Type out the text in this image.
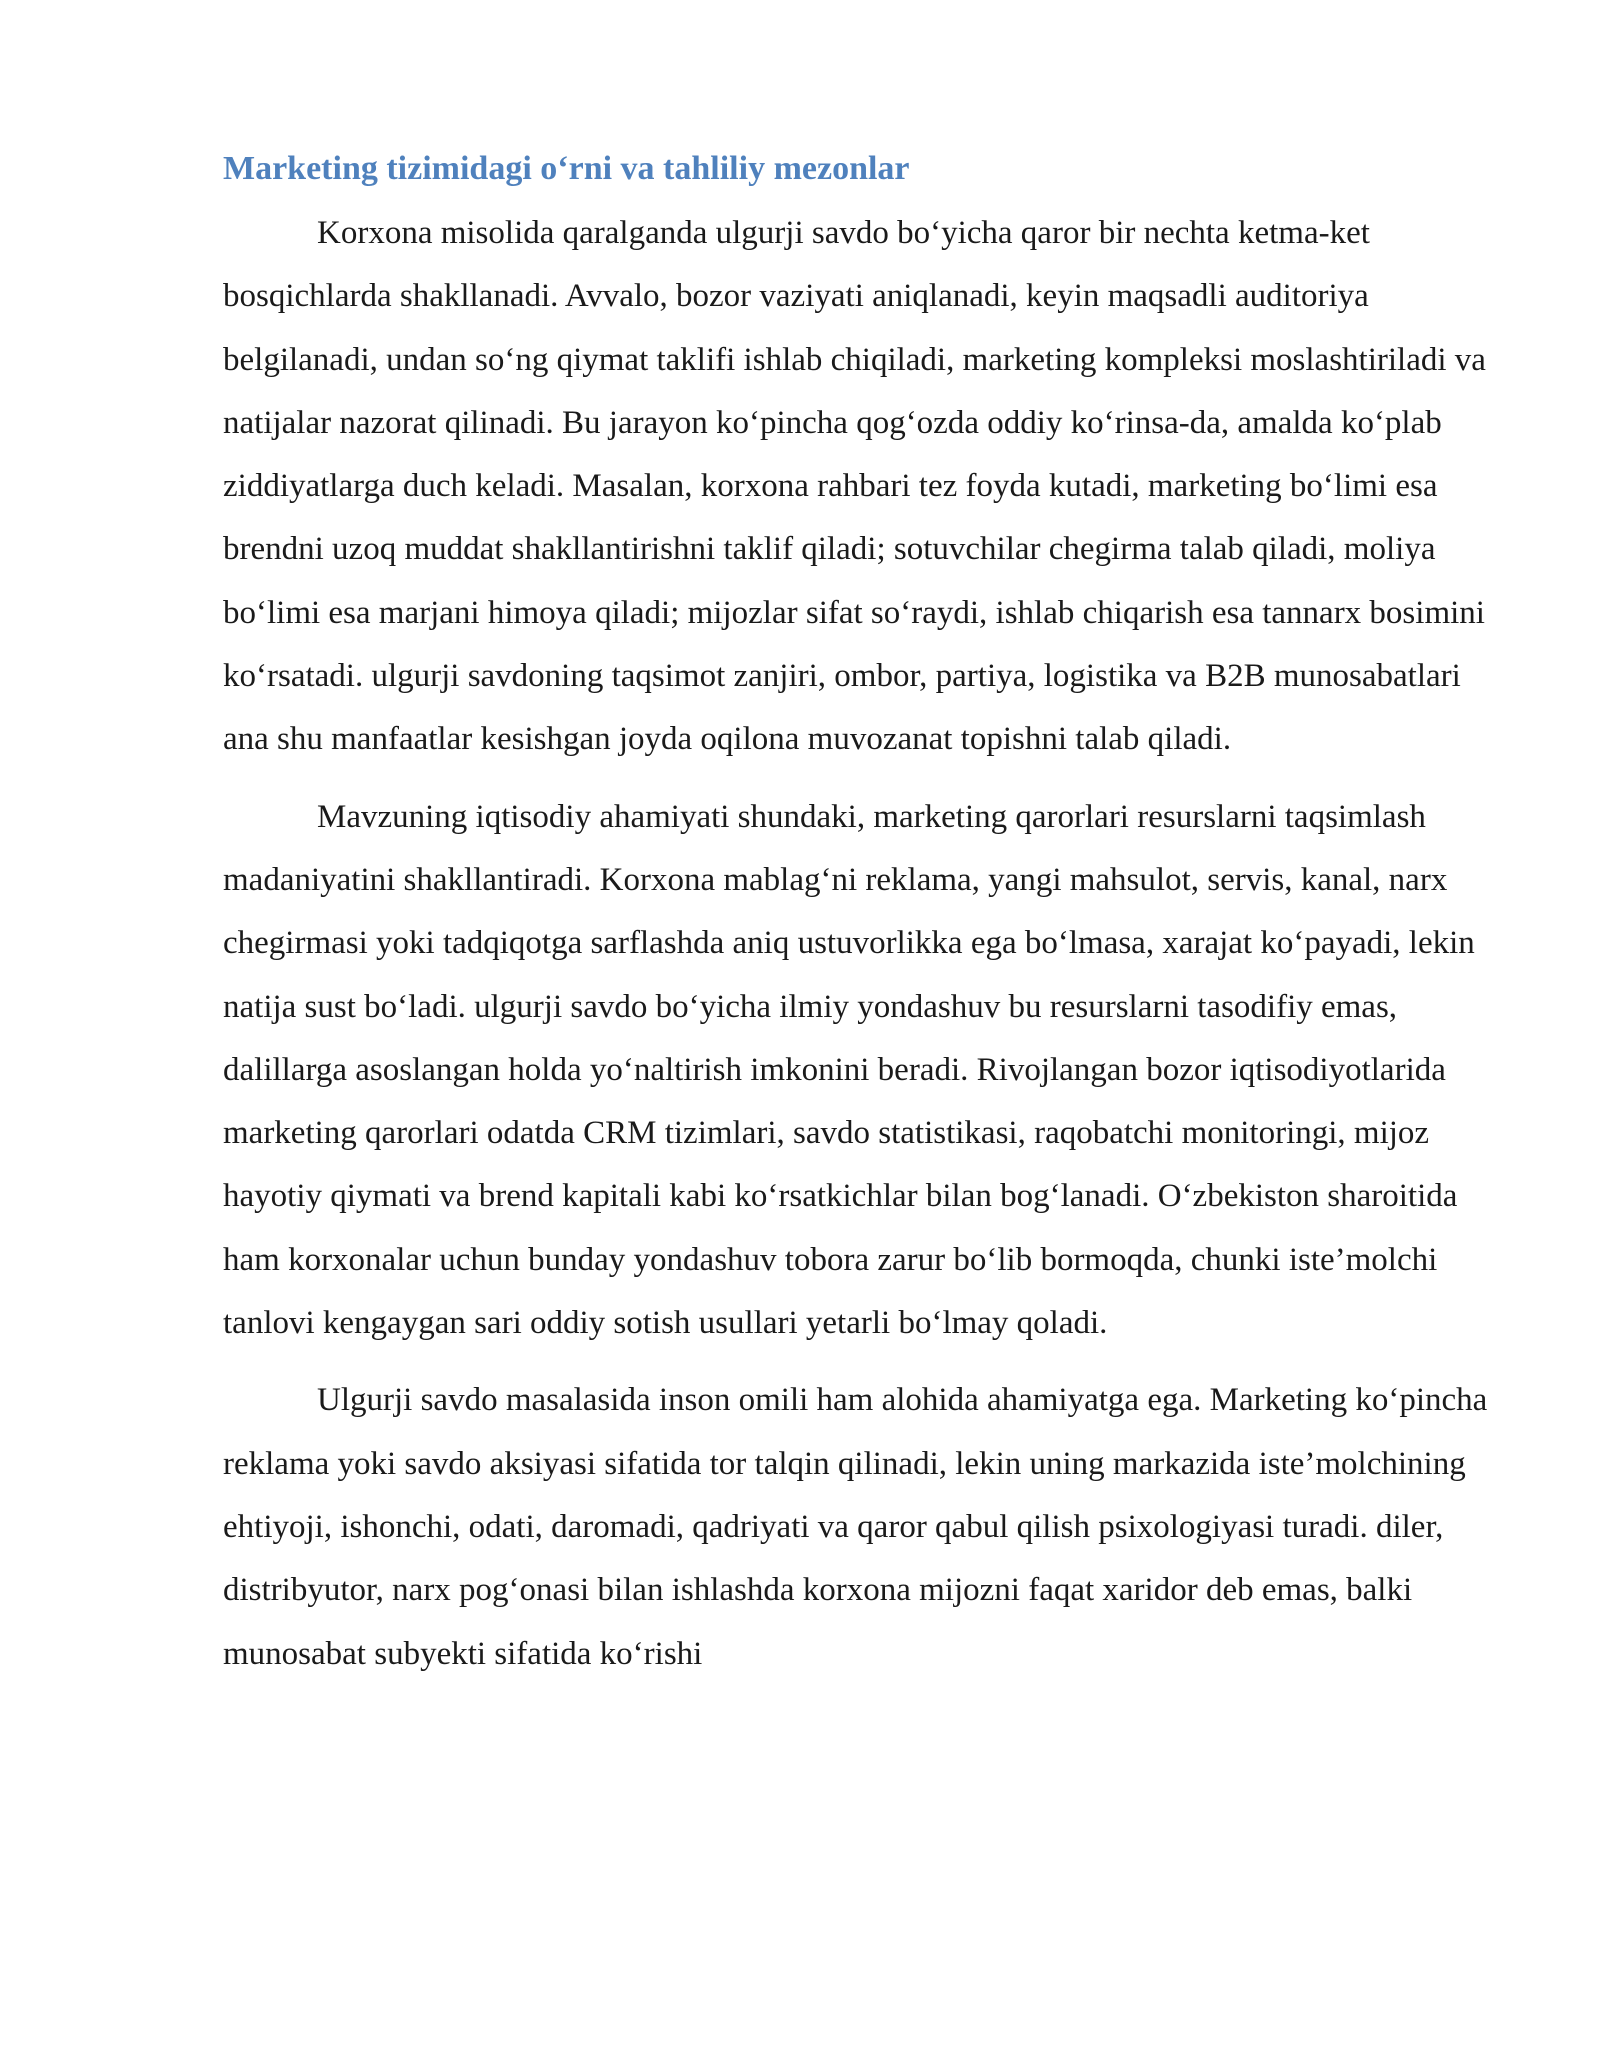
Marketing tizimidagi o‘rni va tahliliy mezonlar

Korxona misolida qaralganda ulgurji savdo bo‘yicha qaror bir nechta ketma-ket bosqichlarda shakllanadi. Avvalo, bozor vaziyati aniqlanadi, keyin maqsadli auditoriya belgilanadi, undan so‘ng qiymat taklifi ishlab chiqiladi, marketing kompleksi moslashtiriladi va natijalar nazorat qilinadi. Bu jarayon ko‘pincha qog‘ozda oddiy ko‘rinsa-da, amalda ko‘plab ziddiyatlarga duch keladi. Masalan, korxona rahbari tez foyda kutadi, marketing bo‘limi esa brendni uzoq muddat shakllantirishni taklif qiladi; sotuvchilar chegirma talab qiladi, moliya bo‘limi esa marjani himoya qiladi; mijozlar sifat so‘raydi, ishlab chiqarish esa tannarx bosimini ko‘rsatadi. ulgurji savdoning taqsimot zanjiri, ombor, partiya, logistika va B2B munosabatlari ana shu manfaatlar kesishgan joyda oqilona muvozanat topishni talab qiladi.

Mavzuning iqtisodiy ahamiyati shundaki, marketing qarorlari resurslarni taqsimlash madaniyatini shakllantiradi. Korxona mablag‘ni reklama, yangi mahsulot, servis, kanal, narx chegirmasi yoki tadqiqotga sarflashda aniq ustuvorlikka ega bo‘lmasa, xarajat ko‘payadi, lekin natija sust bo‘ladi. ulgurji savdo bo‘yicha ilmiy yondashuv bu resurslarni tasodifiy emas, dalillarga asoslangan holda yo‘naltirish imkonini beradi. Rivojlangan bozor iqtisodiyotlarida marketing qarorlari odatda CRM tizimlari, savdo statistikasi, raqobatchi monitoringi, mijoz hayotiy qiymati va brend kapitali kabi ko‘rsatkichlar bilan bog‘lanadi. O‘zbekiston sharoitida ham korxonalar uchun bunday yondashuv tobora zarur bo‘lib bormoqda, chunki iste’molchi tanlovi kengaygan sari oddiy sotish usullari yetarli bo‘lmay qoladi.

Ulgurji savdo masalasida inson omili ham alohida ahamiyatga ega. Marketing ko‘pincha reklama yoki savdo aksiyasi sifatida tor talqin qilinadi, lekin uning markazida iste’molchining ehtiyoji, ishonchi, odati, daromadi, qadriyati va qaror qabul qilish psixologiyasi turadi. diler, distribyutor, narx pog‘onasi bilan ishlashda korxona mijozni faqat xaridor deb emas, balki munosabat subyekti sifatida ko‘rishi
